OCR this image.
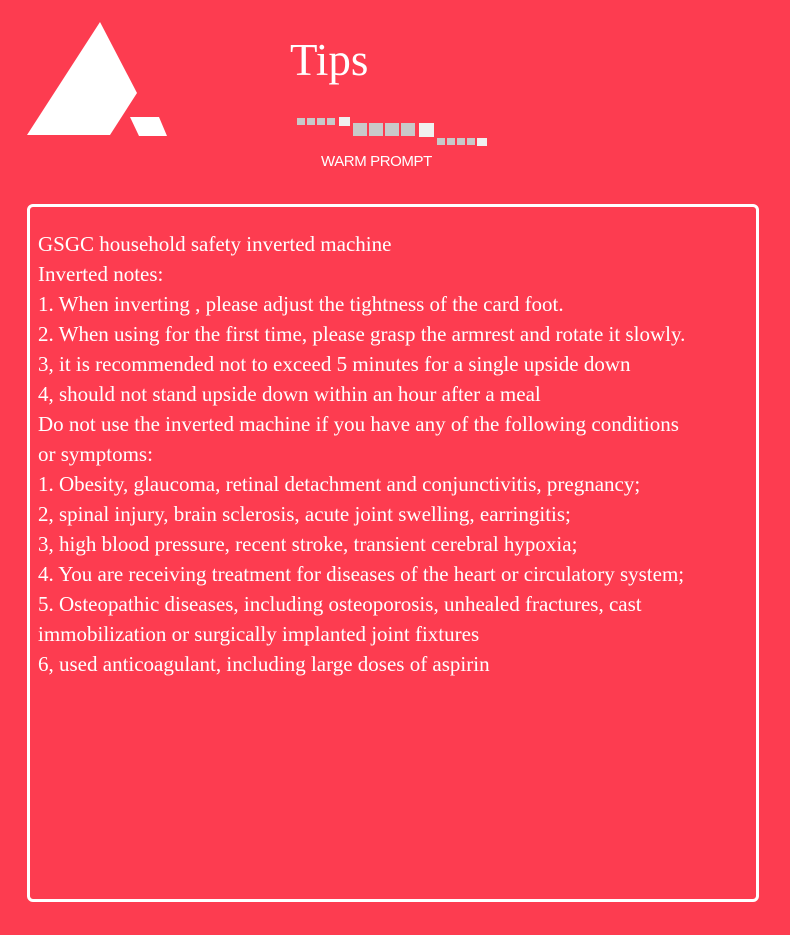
Tips
WARM PROMPT
GSGC household safety inverted machine
Inverted notes:
1. When inverting , please adjust the tightness of the card foot.
2. When using for the first time, please grasp the armrest and rotate it slowly.
3, it is recommended not to exceed 5 minutes for a single upside down
4, should not stand upside down within an hour after a meal
Do not use the inverted machine if you have any of the following conditions
or symptoms:
1. Obesity, glaucoma, retinal detachment and conjunctivitis, pregnancy;
2, spinal injury, brain sclerosis, acute joint swelling, earringitis;
3, high blood pressure, recent stroke, transient cerebral hypoxia;
4. You are receiving treatment for diseases of the heart or circulatory system;
5. Osteopathic diseases, including osteoporosis, unhealed fractures, cast
immobilization or surgically implanted joint fixtures
6, used anticoagulant, including large doses of aspirin
